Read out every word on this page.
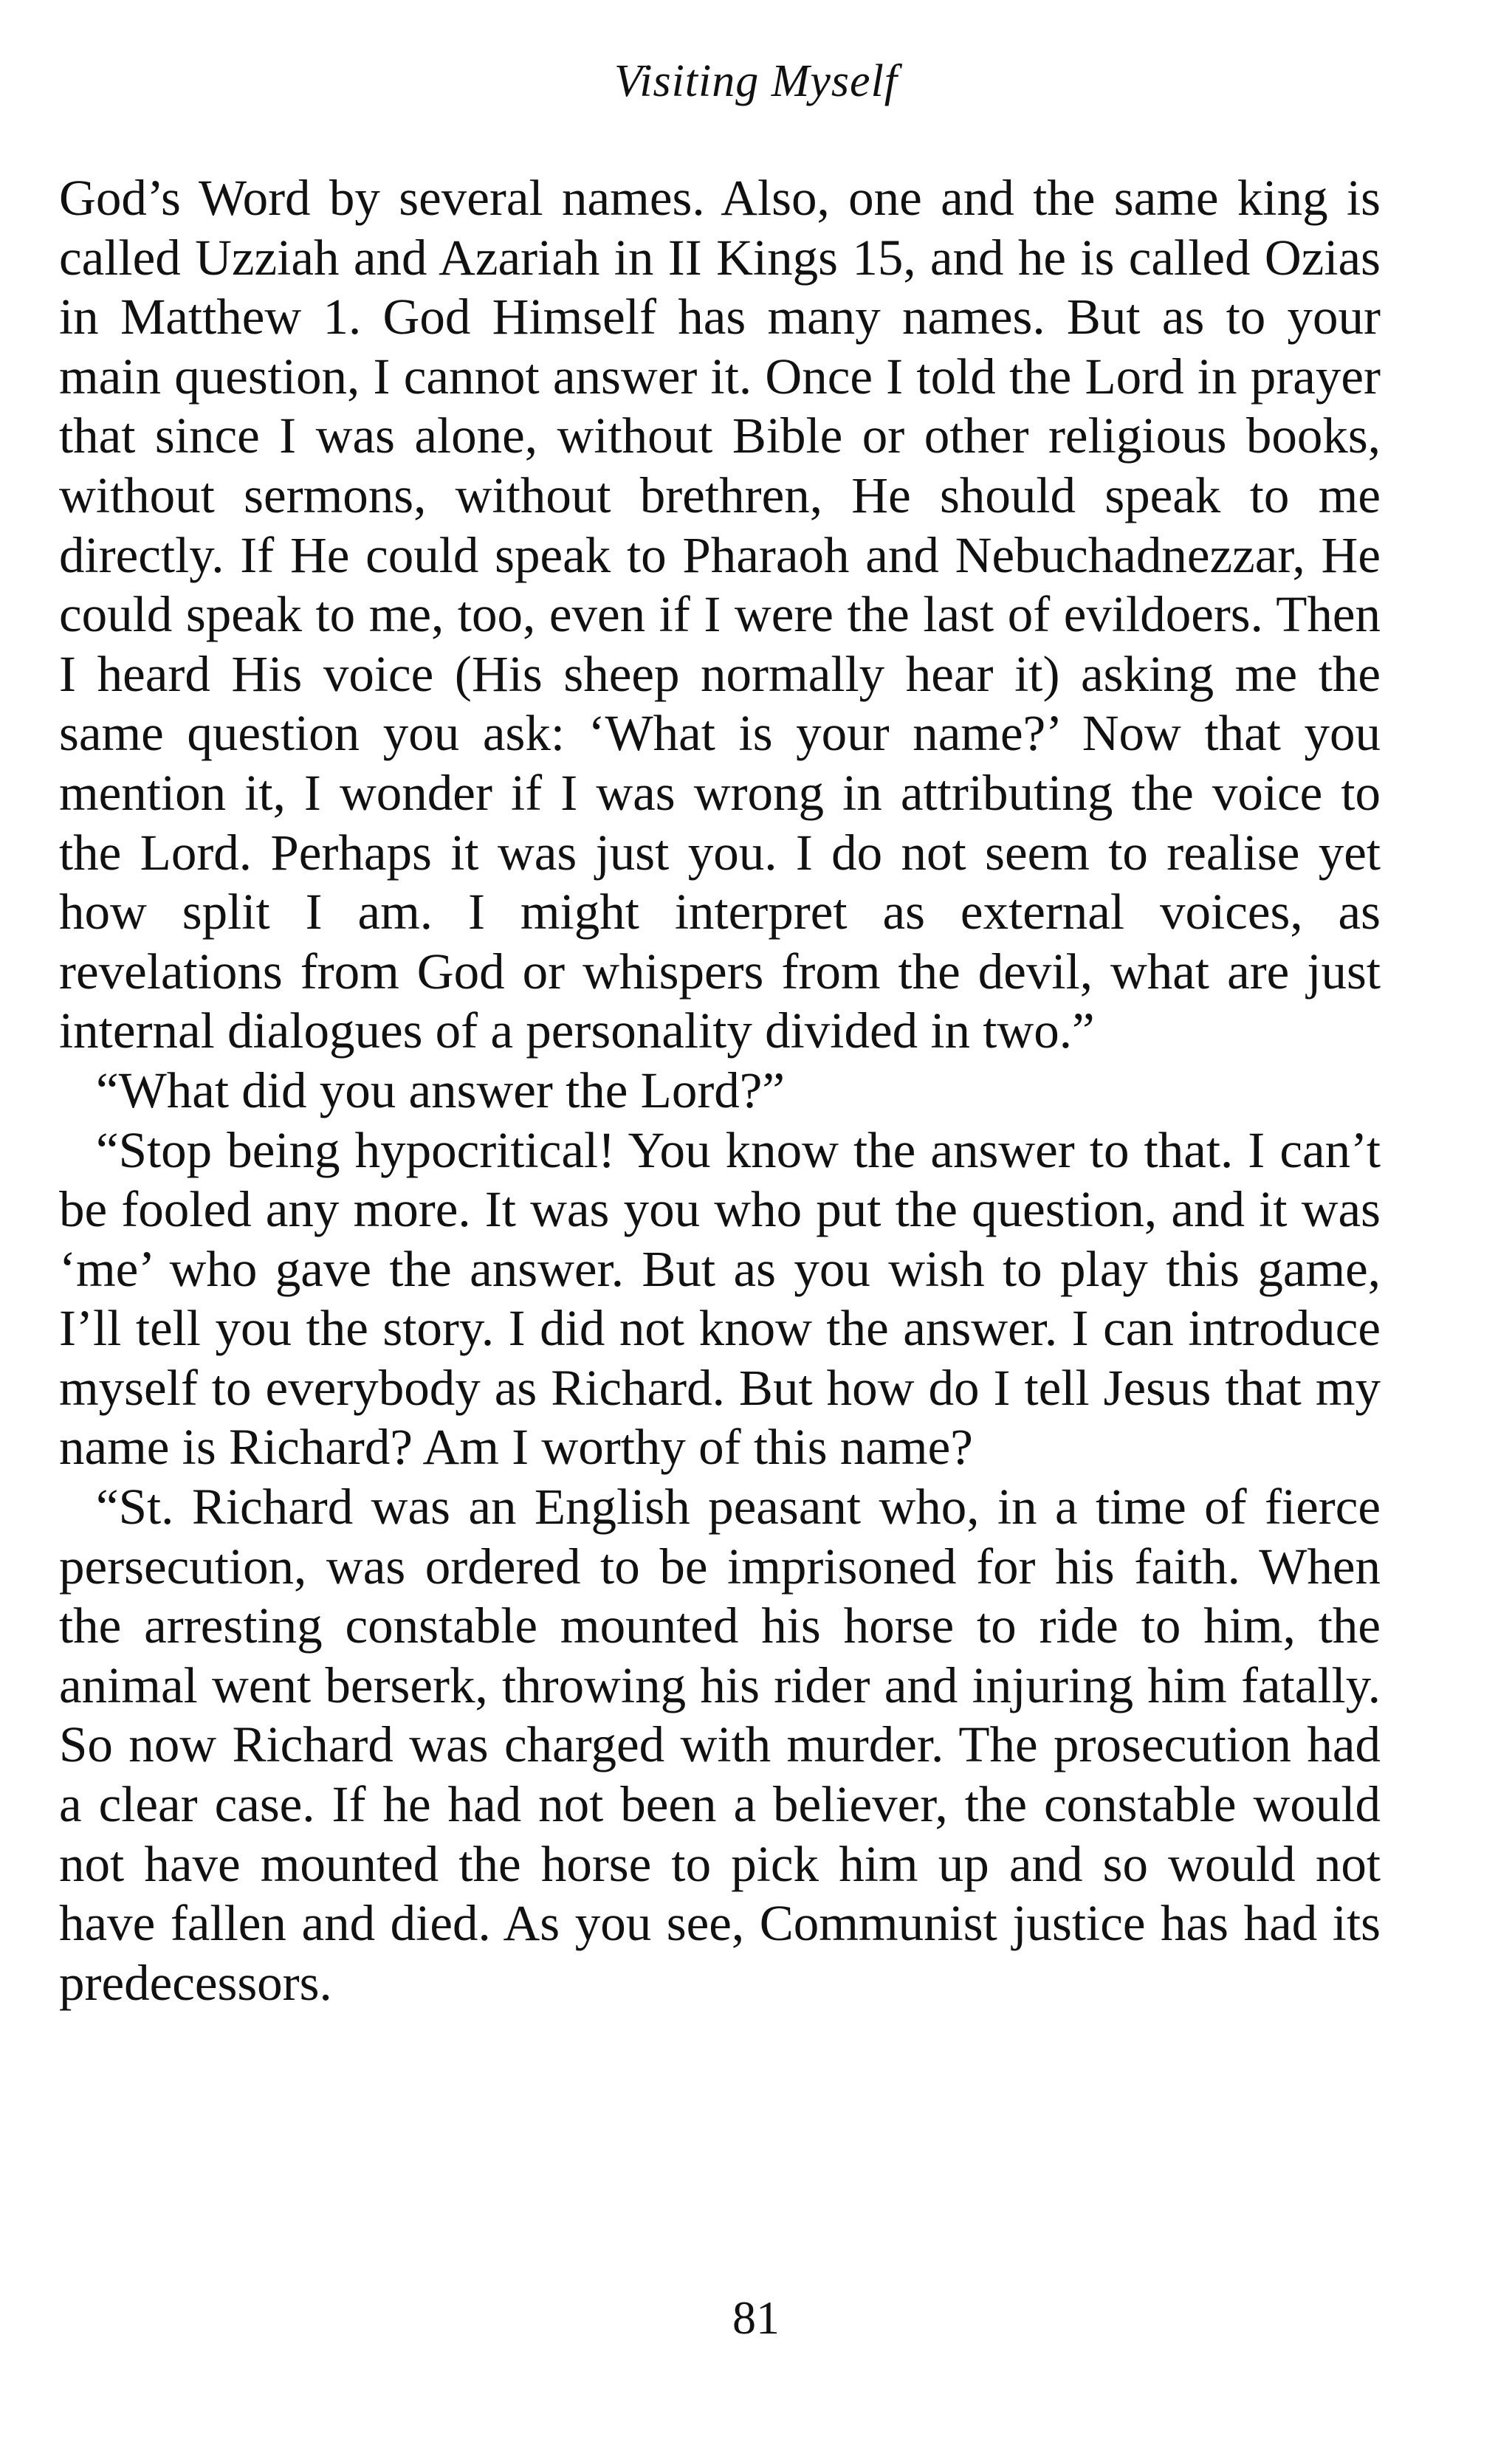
Visiting Myself

God’s Word by several names. Also, one and the same king is called Uzziah and Azariah in II Kings 15, and he is called Ozias in Matthew 1. God Himself has many names. But as to your main question, I cannot answer it. Once I told the Lord in prayer that since I was alone, without Bible or other religious books, without sermons, without brethren, He should speak to me directly. If He could speak to Pharaoh and Nebuchadnezzar, He could speak to me, too, even if I were the last of evildoers. Then I heard His voice (His sheep normally hear it) asking me the same question you ask: ‘What is your name?’ Now that you mention it, I wonder if I was wrong in attributing the voice to the Lord. Perhaps it was just you. I do not seem to realise yet how split I am. I might interpret as external voices, as revelations from God or whispers from the devil, what are just internal dialogues of a personality divided in two.”

“What did you answer the Lord?”

“Stop being hypocritical! You know the answer to that. I can’t be fooled any more. It was you who put the question, and it was ‘me’ who gave the answer. But as you wish to play this game, I’ll tell you the story. I did not know the answer. I can introduce myself to everybody as Richard. But how do I tell Jesus that my name is Richard? Am I worthy of this name?

“St. Richard was an English peasant who, in a time of fierce persecution, was ordered to be imprisoned for his faith. When the arresting constable mounted his horse to ride to him, the animal went berserk, throwing his rider and injuring him fatally. So now Richard was charged with murder. The prosecution had a clear case. If he had not been a believer, the constable would not have mounted the horse to pick him up and so would not have fallen and died. As you see, Communist justice has had its predecessors.

81
